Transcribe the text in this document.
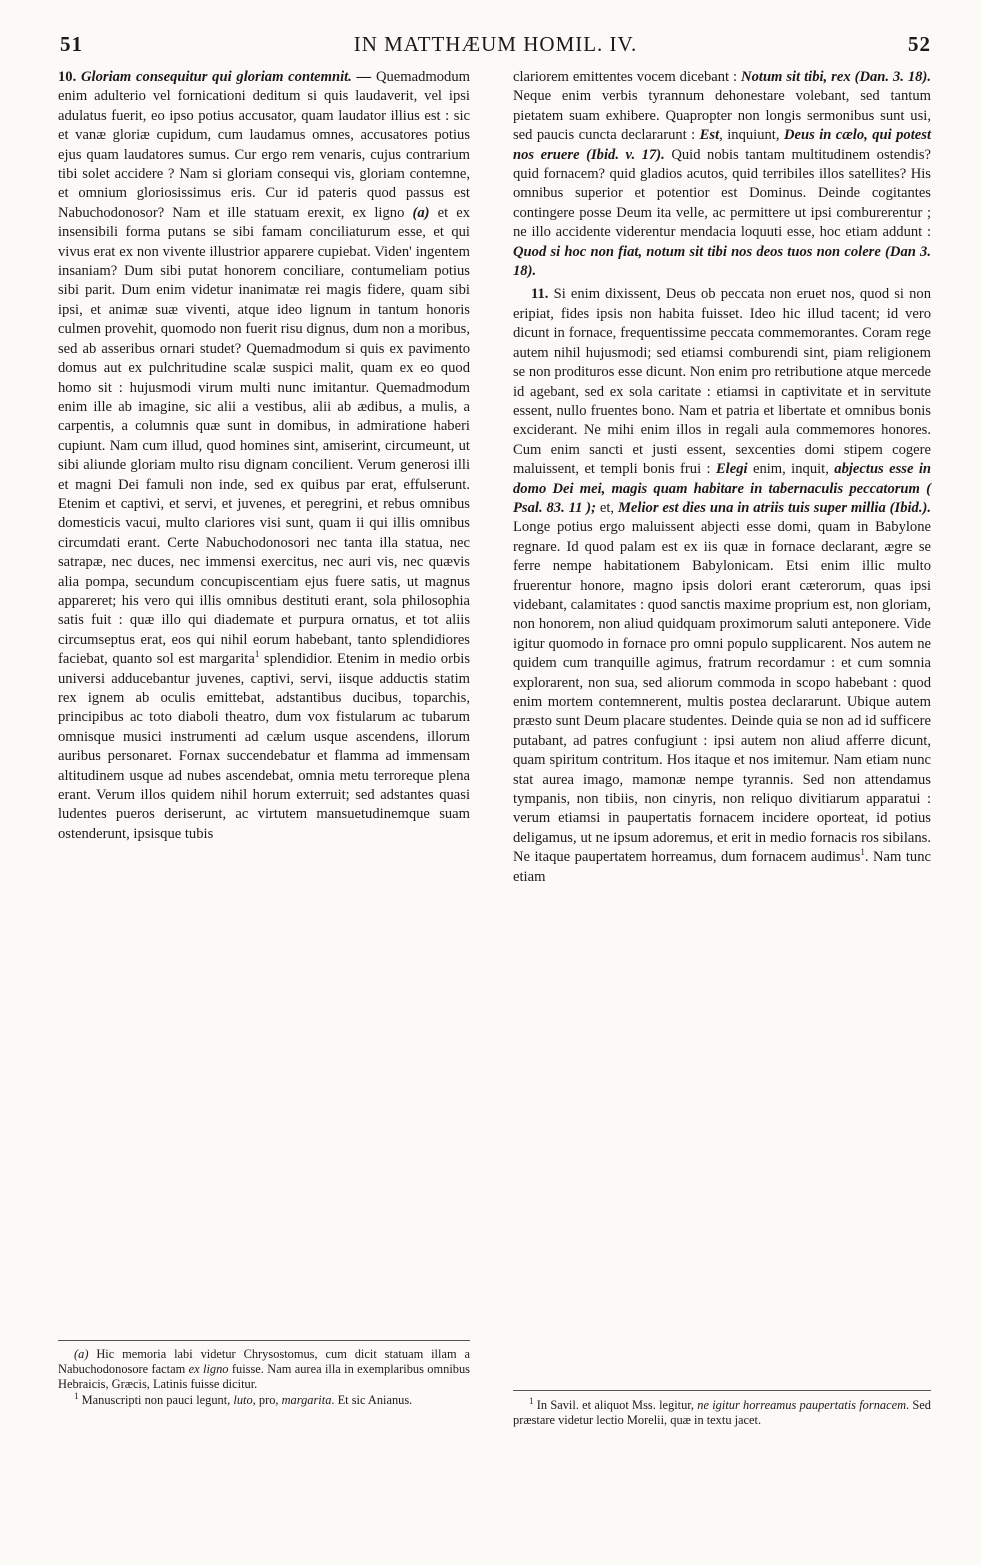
51	IN MATTHÆUM HOMIL. IV.	52

10. Gloriam consequitur qui gloriam contemnit. — Quemadmodum enim adulterio vel fornicationi deditum si quis laudaverit, vel ipsi adulatus fuerit, eo ipso potius accusator, quam laudator illius est : sic et vanæ gloriæ cupidum, cum laudamus omnes, accusatores potius ejus quam laudatores sumus. Cur ergo rem venaris, cujus contrarium tibi solet accidere ? Nam si gloriam consequi vis, gloriam contemne, et omnium gloriosissimus eris. Cur id pateris quod passus est Nabuchodonosor? Nam et ille statuam erexit, ex ligno (a) et ex insensibili forma putans se sibi famam conciliaturum esse, et qui vivus erat ex non vivente illustrior apparere cupiebat. Viden' ingentem insaniam? Dum sibi putat honorem conciliare, contumeliam potius sibi parit. Dum enim videtur inanimatæ rei magis fidere, quam sibi ipsi, et animæ suæ viventi, atque ideo lignum in tantum honoris culmen provehit, quomodo non fuerit risu dignus, dum non a moribus, sed ab asseribus ornari studet? Quemadmodum si quis ex pavimento domus aut ex pulchritudine scalæ suspici malit, quam ex eo quod homo sit : hujusmodi virum multi nunc imitantur. Quemadmodum enim ille ab imagine, sic alii a vestibus, alii ab ædibus, a mulis, a carpentis, a columnis quæ sunt in domibus, in admiratione haberi cupiunt. Nam cum illud, quod homines sint, amiserint, circumeunt, ut sibi aliunde gloriam multo risu dignam concilient. Verum generosi illi et magni Dei famuli non inde, sed ex quibus par erat, effulserunt. Etenim et captivi, et servi, et juvenes, et peregrini, et rebus omnibus domesticis vacui, multo clariores visi sunt, quam ii qui illis omnibus circumdati erant. Certe Nabuchodonosori nec tanta illa statua, nec satrapæ, nec duces, nec immensi exercitus, nec auri vis, nec quævis alia pompa, secundum concupiscentiam ejus fuere satis, ut magnus appareret; his vero qui illis omnibus destituti erant, sola philosophia satis fuit : quæ illo qui diademate et purpura ornatus, et tot aliis circumseptus erat, eos qui nihil eorum habebant, tanto splendidiores faciebat, quanto sol est margarita$^1$ splendidior. Etenim in medio orbis universi adducebantur juvenes, captivi, servi, iisque adductis statim rex ignem ab oculis emittebat, adstantibus ducibus, toparchis, principibus ac toto diaboli theatro, dum vox fistularum ac tubarum omnisque musici instrumenti ad cælum usque ascendens, illorum auribus personaret. Fornax succendebatur et flamma ad immensam altitudinem usque ad nubes ascendebat, omnia metu terroreque plena erant. Verum illos quidem nihil horum exterruit; sed adstantes quasi ludentes pueros deriserunt, ac virtutem mansuetudinemque suam ostenderunt, ipsisque tubis

clariorem emittentes vocem dicebant : Notum sit tibi, rex (Dan. 3. 18). Neque enim verbis tyrannum dehonestare volebant, sed tantum pietatem suam exhibere. Quapropter non longis sermonibus sunt usi, sed paucis cuncta declararunt : Est, inquiunt, Deus in cælo, qui potest nos eruere (Ibid. v. 17). Quid nobis tantam multitudinem ostendis? quid fornacem? quid gladios acutos, quid terribiles illos satellites? His omnibus superior et potentior est Dominus. Deinde cogitantes contingere posse Deum ita velle, ac permittere ut ipsi comburerentur ; ne illo accidente viderentur mendacia loquuti esse, hoc etiam addunt : Quod si hoc non fiat, notum sit tibi nos deos tuos non colere (Dan 3. 18).

11. Si enim dixissent, Deus ob peccata non eruet nos, quod si non eripiat, fides ipsis non habita fuisset. Ideo hic illud tacent; id vero dicunt in fornace, frequentissime peccata commemorantes. Coram rege autem nihil hujusmodi; sed etiamsi comburendi sint, piam religionem se non prodituros esse dicunt. Non enim pro retributione atque mercede id agebant, sed ex sola caritate : etiamsi in captivitate et in servitute essent, nullo fruentes bono. Nam et patria et libertate et omnibus bonis exciderant. Ne mihi enim illos in regali aula commemores honores. Cum enim sancti et justi essent, sexcenties domi stipem cogere maluissent, et templi bonis frui : Elegi enim, inquit, abjectus esse in domo Dei mei, magis quam habitare in tabernaculis peccatorum ( Psal. 83. 11 ); et, Melior est dies una in atriis tuis super millia (Ibid.). Longe potius ergo maluissent abjecti esse domi, quam in Babylone regnare. Id quod palam est ex iis quæ in fornace declarant, ægre se ferre nempe habitationem Babylonicam. Etsi enim illic multo fruerentur honore, magno ipsis dolori erant cæterorum, quas ipsi videbant, calamitates : quod sanctis maxime proprium est, non gloriam, non honorem, non aliud quidquam proximorum saluti anteponere. Vide igitur quomodo in fornace pro omni populo supplicarent. Nos autem ne quidem cum tranquille agimus, fratrum recordamur : et cum somnia explorarent, non sua, sed aliorum commoda in scopo habebant : quod enim mortem contemnerent, multis postea declararunt. Ubique autem præsto sunt Deum placare studentes. Deinde quia se non ad id sufficere putabant, ad patres confugiunt : ipsi autem non aliud afferre dicunt, quam spiritum contritum. Hos itaque et nos imitemur. Nam etiam nunc stat aurea imago, mamonæ nempe tyrannis. Sed non attendamus tympanis, non tibiis, non cinyris, non reliquo divitiarum apparatui : verum etiamsi in paupertatis fornacem incidere oporteat, id potius deligamus, ut ne ipsum adoremus, et erit in medio fornacis ros sibilans. Ne itaque paupertatem horreamus, dum fornacem audimus$^1$. Nam tunc etiam

(a) Hic memoria labi videtur Chrysostomus, cum dicit statuam illam a Nabuchodonosore factam ex ligno fuisse. Nam aurea illa in exemplaribus omnibus Hebraicis, Græcis, Latinis fuisse dicitur.

$^1$ Manuscripti non pauci legunt, luto, pro, margarita. Et sic Anianus.	$^1$ In Savil. et aliquot Mss. legitur, ne igitur horreamus paupertatis fornacem. Sed præstare videtur lectio Morelii, quæ in textu jacet.
